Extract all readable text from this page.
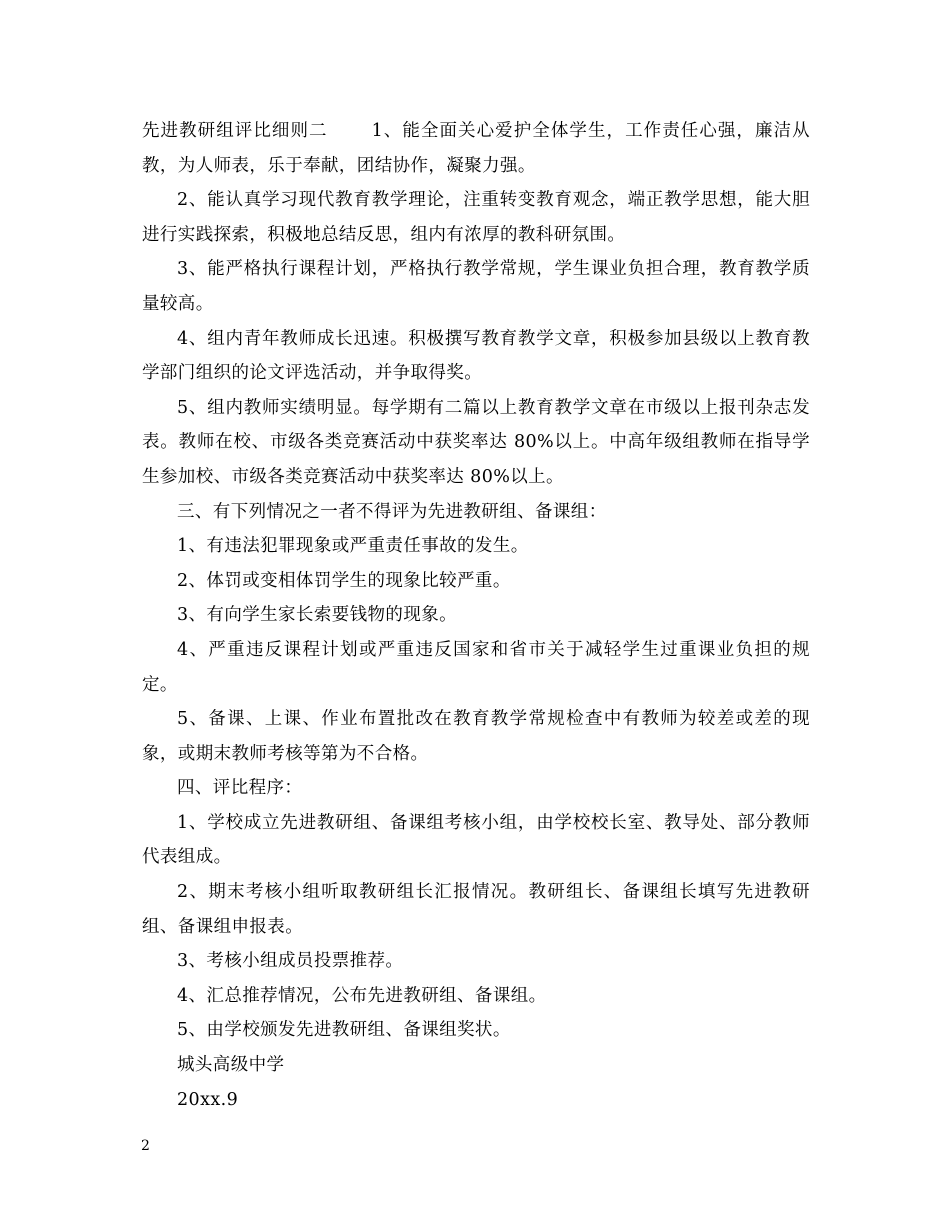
先进教研组评比细则二	1、能全面关心爱护全体学生，工作责任心强，廉洁从教，为人师表，乐于奉献，团结协作，凝聚力强。

2、能认真学习现代教育教学理论，注重转变教育观念，端正教学思想，能大胆进行实践探索，积极地总结反思，组内有浓厚的教科研氛围。

3、能严格执行课程计划，严格执行教学常规，学生课业负担合理，教育教学质量较高。

4、组内青年教师成长迅速。积极撰写教育教学文章，积极参加县级以上教育教学部门组织的论文评选活动，并争取得奖。

5、组内教师实绩明显。每学期有二篇以上教育教学文章在市级以上报刊杂志发表。教师在校、市级各类竞赛活动中获奖率达 80%以上。中高年级组教师在指导学生参加校、市级各类竞赛活动中获奖率达 80%以上。

三、有下列情况之一者不得评为先进教研组、备课组：

1、有违法犯罪现象或严重责任事故的发生。

2、体罚或变相体罚学生的现象比较严重。

3、有向学生家长索要钱物的现象。

4、严重违反课程计划或严重违反国家和省市关于减轻学生过重课业负担的规定。

5、备课、上课、作业布置批改在教育教学常规检查中有教师为较差或差的现象，或期末教师考核等第为不合格。

四、评比程序：

1、学校成立先进教研组、备课组考核小组，由学校校长室、教导处、部分教师代表组成。

2、期末考核小组听取教研组长汇报情况。教研组长、备课组长填写先进教研组、备课组申报表。

3、考核小组成员投票推荐。

4、汇总推荐情况，公布先进教研组、备课组。

5、由学校颁发先进教研组、备课组奖状。

城头高级中学

20xx.9

2
